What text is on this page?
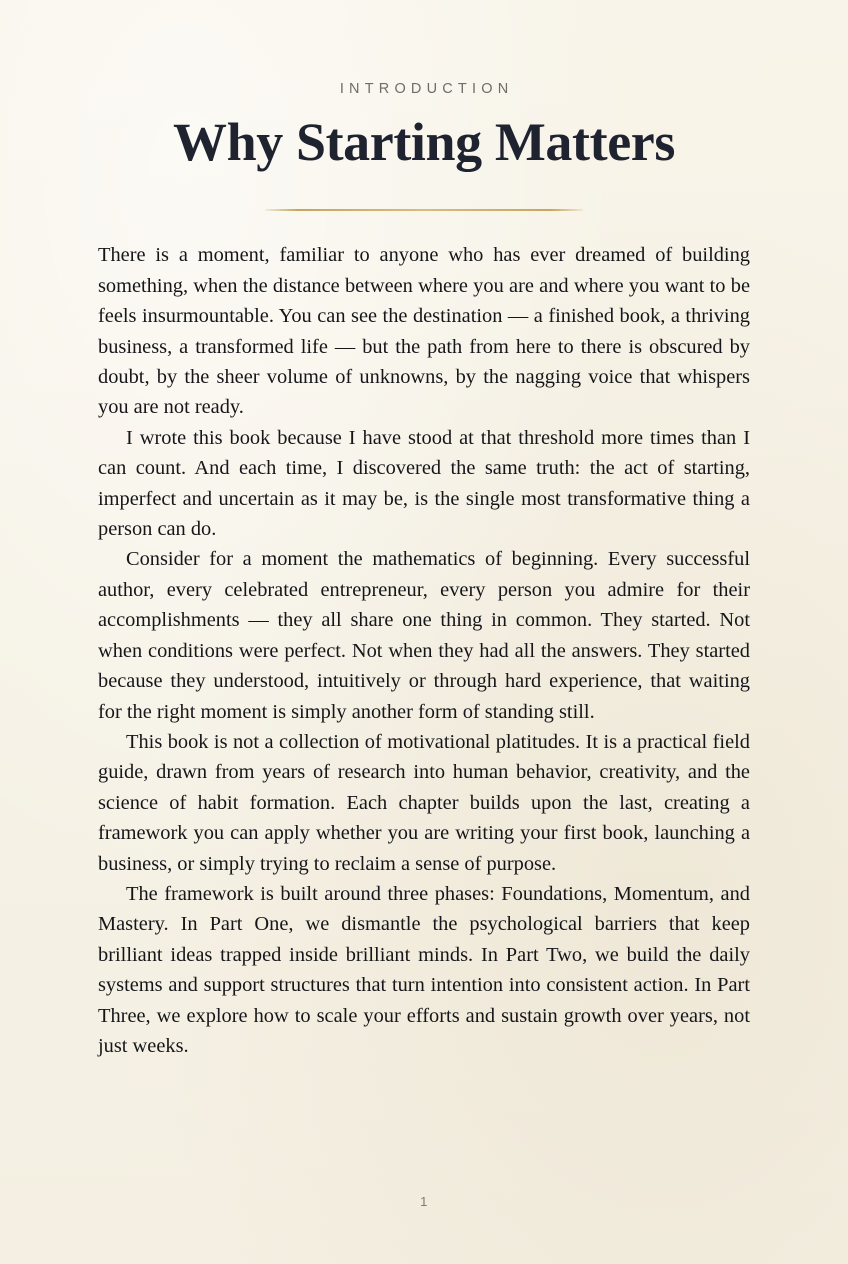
INTRODUCTION

Why Starting Matters

There is a moment, familiar to anyone who has ever dreamed of building something, when the distance between where you are and where you want to be feels insurmountable. You can see the destination — a finished book, a thriving business, a transformed life — but the path from here to there is obscured by doubt, by the sheer volume of unknowns, by the nagging voice that whispers you are not ready.

I wrote this book because I have stood at that threshold more times than I can count. And each time, I discovered the same truth: the act of starting, imperfect and uncertain as it may be, is the single most transformative thing a person can do.

Consider for a moment the mathematics of beginning. Every successful author, every celebrated entrepreneur, every person you admire for their accomplishments — they all share one thing in common. They started. Not when conditions were perfect. Not when they had all the answers. They started because they understood, intuitively or through hard experience, that waiting for the right moment is simply another form of standing still.

This book is not a collection of motivational platitudes. It is a practical field guide, drawn from years of research into human behavior, creativity, and the science of habit formation. Each chapter builds upon the last, creating a framework you can apply whether you are writing your first book, launching a business, or simply trying to reclaim a sense of purpose.

The framework is built around three phases: Foundations, Momentum, and Mastery. In Part One, we dismantle the psychological barriers that keep brilliant ideas trapped inside brilliant minds. In Part Two, we build the daily systems and support structures that turn intention into consistent action. In Part Three, we explore how to scale your efforts and sustain growth over years, not just weeks.

1
